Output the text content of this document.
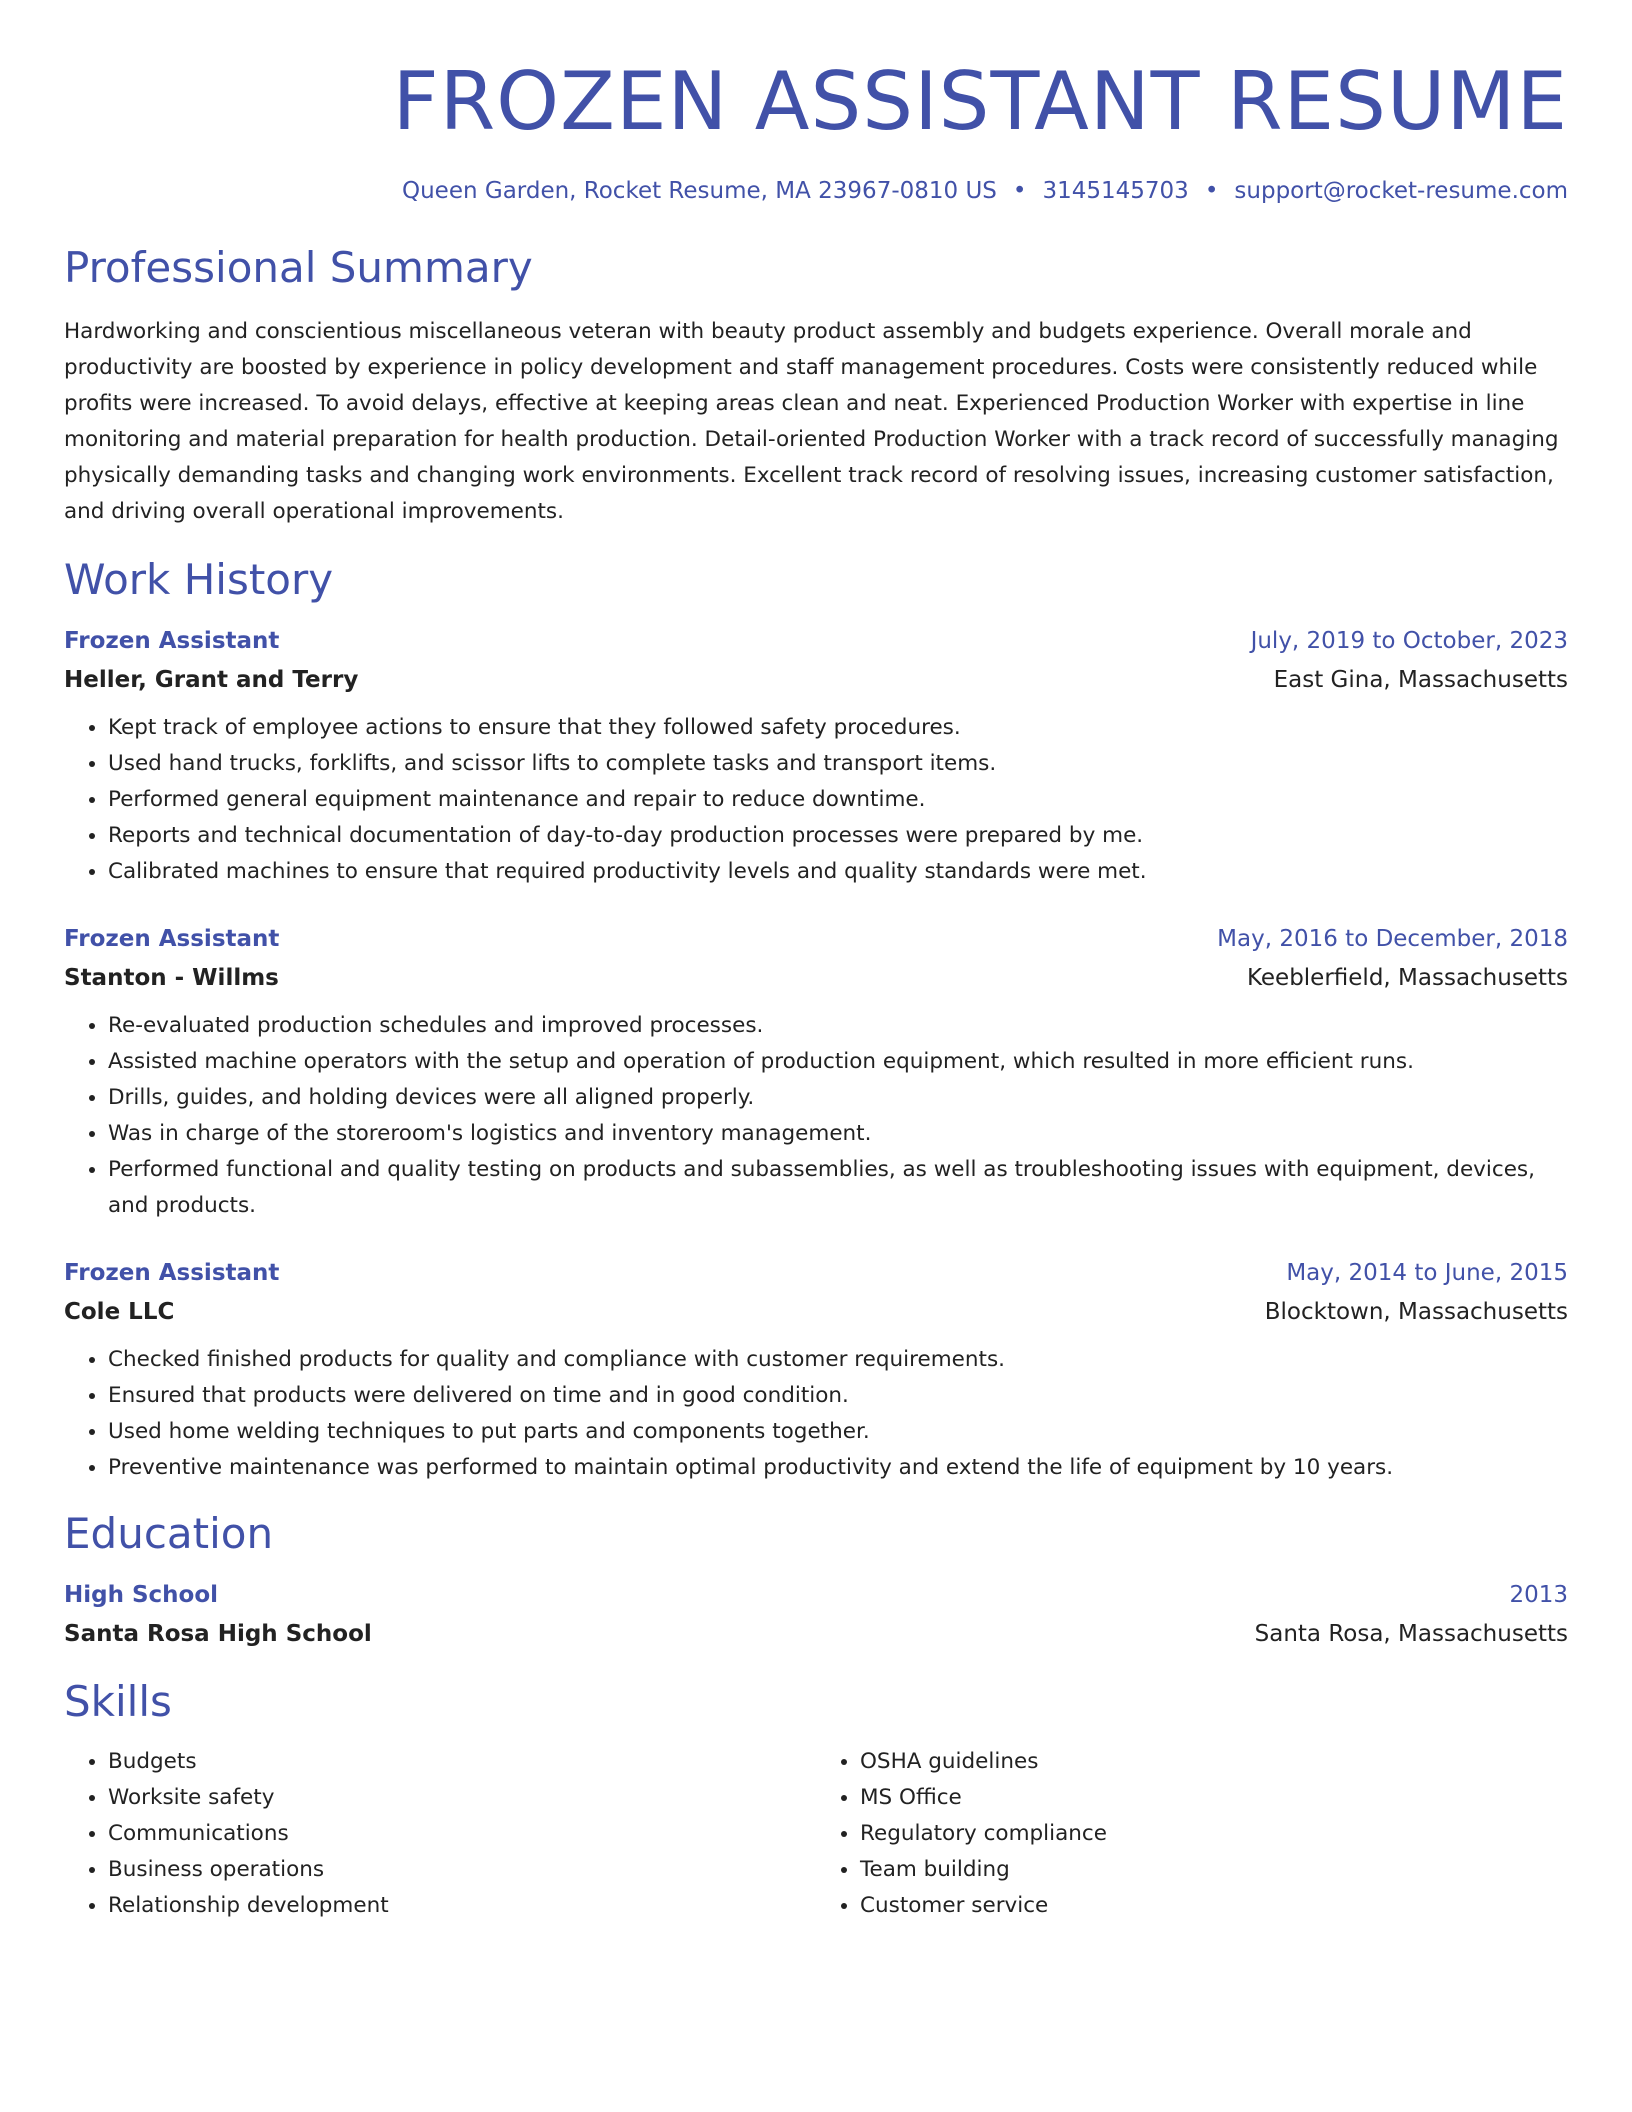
FROZEN ASSISTANT RESUME
Queen Garden, Rocket Resume, MA 23967-0810 US • 3145145703 • support@rocket-resume.com
Professional Summary
Hardworking and conscientious miscellaneous veteran with beauty product assembly and budgets experience. Overall morale and productivity are boosted by experience in policy development and staff management procedures. Costs were consistently reduced while profits were increased. To avoid delays, effective at keeping areas clean and neat. Experienced Production Worker with expertise in line monitoring and material preparation for health production. Detail-oriented Production Worker with a track record of successfully managing physically demanding tasks and changing work environments. Excellent track record of resolving issues, increasing customer satisfaction, and driving overall operational improvements.
Work History
Frozen Assistant	July, 2019 to October, 2023
Heller, Grant and Terry	East Gina, Massachusetts
• Kept track of employee actions to ensure that they followed safety procedures.
• Used hand trucks, forklifts, and scissor lifts to complete tasks and transport items.
• Performed general equipment maintenance and repair to reduce downtime.
• Reports and technical documentation of day-to-day production processes were prepared by me.
• Calibrated machines to ensure that required productivity levels and quality standards were met.
Frozen Assistant	May, 2016 to December, 2018
Stanton - Willms	Keeblerfield, Massachusetts
• Re-evaluated production schedules and improved processes.
• Assisted machine operators with the setup and operation of production equipment, which resulted in more efficient runs.
• Drills, guides, and holding devices were all aligned properly.
• Was in charge of the storeroom's logistics and inventory management.
• Performed functional and quality testing on products and subassemblies, as well as troubleshooting issues with equipment, devices, and products.
Frozen Assistant	May, 2014 to June, 2015
Cole LLC	Blocktown, Massachusetts
• Checked finished products for quality and compliance with customer requirements.
• Ensured that products were delivered on time and in good condition.
• Used home welding techniques to put parts and components together.
• Preventive maintenance was performed to maintain optimal productivity and extend the life of equipment by 10 years.
Education
High School	2013
Santa Rosa High School	Santa Rosa, Massachusetts
Skills
• Budgets
• Worksite safety
• Communications
• Business operations
• Relationship development
• OSHA guidelines
• MS Office
• Regulatory compliance
• Team building
• Customer service
